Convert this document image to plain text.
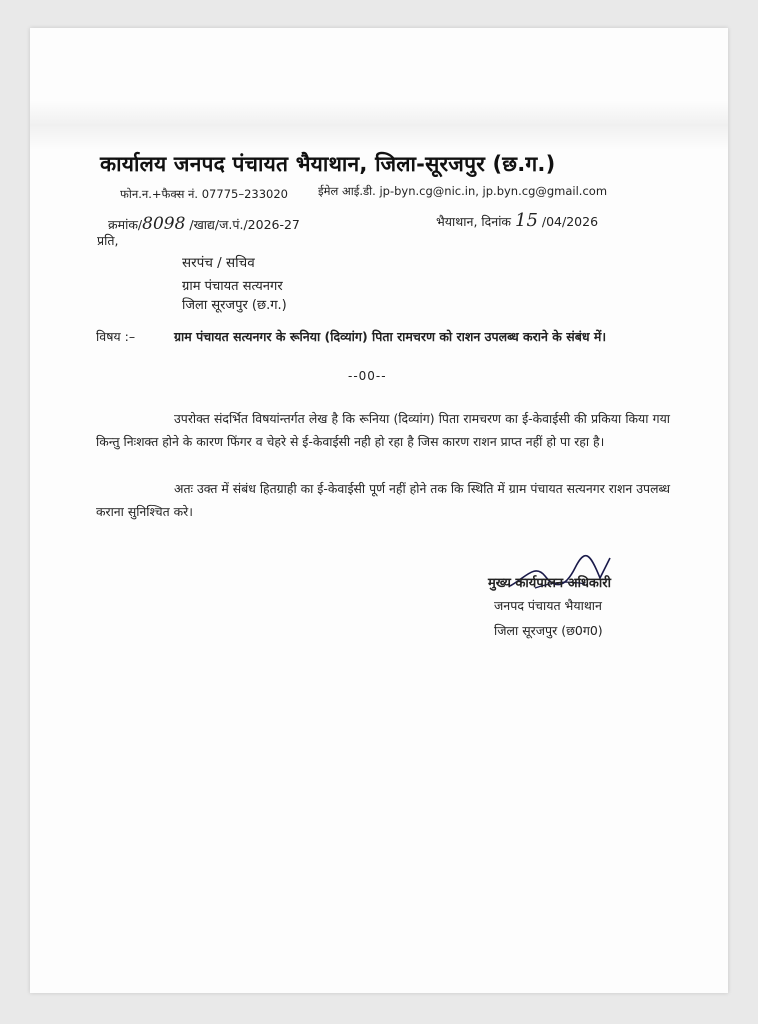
कार्यालय जनपद पंचायत भैयाथान, जिला-सूरजपुर (छ.ग.)
फोन.न.+फैक्स नं. 07775–233020	ईमेल आई.डी. jp-byn.cg@nic.in, jp.byn.cg@gmail.com
क्रमांक/8098 /खाद्य/ज.पं./2026-27	भैयाथान, दिनांक 15 /04/2026
प्रति,
सरपंच / सचिव
ग्राम पंचायत सत्यनगर
जिला सूरजपुर (छ.ग.)
विषय :–	ग्राम पंचायत सत्यनगर के रूनिया (दिव्यांग) पिता रामचरण को राशन उपलब्ध कराने के संबंध में।
--00--
उपरोक्त संदर्भित विषयांन्तर्गत लेख है कि रूनिया (दिव्यांग) पिता रामचरण का ई-केवाईसी की प्रकिया किया गया किन्तु निःशक्त होने के कारण फिंगर व चेहरे से ई-केवाईसी नही हो रहा है जिस कारण राशन प्राप्त नहीं हो पा रहा है।
अतः उक्त में संबंध हितग्राही का ई-केवाईसी पूर्ण नहीं होने तक कि स्थिति में ग्राम पंचायत सत्यनगर राशन उपलब्ध कराना सुनिश्चित करे।
मुख्य कार्यपालन अधिकारी
जनपद पंचायत भैयाथान
जिला सूरजपुर (छ0ग0)
